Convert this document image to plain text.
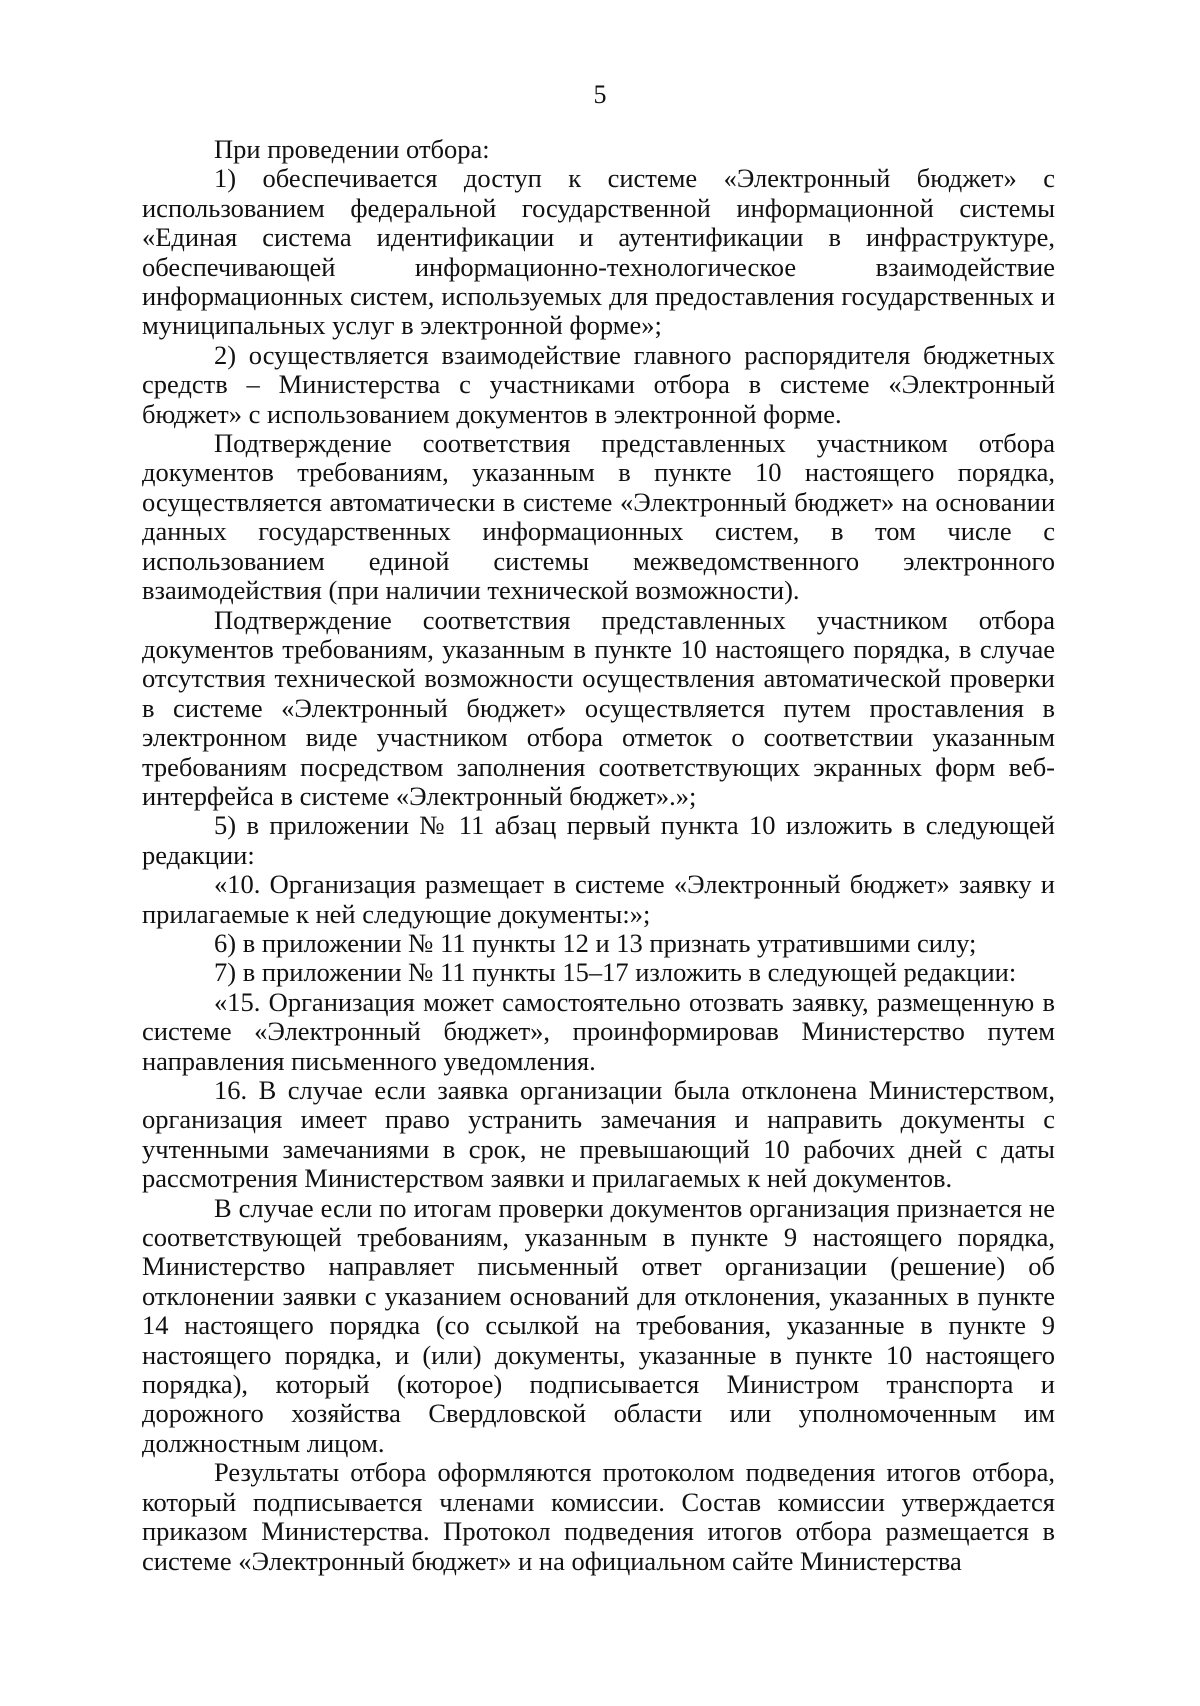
5

При проведении отбора:

1) обеспечивается доступ к системе «Электронный бюджет» с использованием федеральной государственной информационной системы «Единая система идентификации и аутентификации в инфраструктуре, обеспечивающей информационно-технологическое взаимодействие информационных систем, используемых для предоставления государственных и муниципальных услуг в электронной форме»;

2) осуществляется взаимодействие главного распорядителя бюджетных средств – Министерства с участниками отбора в системе «Электронный бюджет» с использованием документов в электронной форме.

Подтверждение соответствия представленных участником отбора документов требованиям, указанным в пункте 10 настоящего порядка, осуществляется автоматически в системе «Электронный бюджет» на основании данных государственных информационных систем, в том числе с использованием единой системы межведомственного электронного взаимодействия (при наличии технической возможности).

Подтверждение соответствия представленных участником отбора документов требованиям, указанным в пункте 10 настоящего порядка, в случае отсутствия технической возможности осуществления автоматической проверки в системе «Электронный бюджет» осуществляется путем проставления в электронном виде участником отбора отметок о соответствии указанным требованиям посредством заполнения соответствующих экранных форм веб-интерфейса в системе «Электронный бюджет».»;

5) в приложении № 11 абзац первый пункта 10 изложить в следующей редакции:

«10. Организация размещает в системе «Электронный бюджет» заявку и прилагаемые к ней следующие документы:»;

6) в приложении № 11 пункты 12 и 13 признать утратившими силу;

7) в приложении № 11 пункты 15–17 изложить в следующей редакции:

«15. Организация может самостоятельно отозвать заявку, размещенную в системе «Электронный бюджет», проинформировав Министерство путем направления письменного уведомления.

16. В случае если заявка организации была отклонена Министерством, организация имеет право устранить замечания и направить документы с учтенными замечаниями в срок, не превышающий 10 рабочих дней с даты рассмотрения Министерством заявки и прилагаемых к ней документов.

В случае если по итогам проверки документов организация признается не соответствующей требованиям, указанным в пункте 9 настоящего порядка, Министерство направляет письменный ответ организации (решение) об отклонении заявки с указанием оснований для отклонения, указанных в пункте 14 настоящего порядка (со ссылкой на требования, указанные в пункте 9 настоящего порядка, и (или) документы, указанные в пункте 10 настоящего порядка), который (которое) подписывается Министром транспорта и дорожного хозяйства Свердловской области или уполномоченным им должностным лицом.

Результаты отбора оформляются протоколом подведения итогов отбора, который подписывается членами комиссии. Состав комиссии утверждается приказом Министерства. Протокол подведения итогов отбора размещается в системе «Электронный бюджет» и на официальном сайте Министерства
